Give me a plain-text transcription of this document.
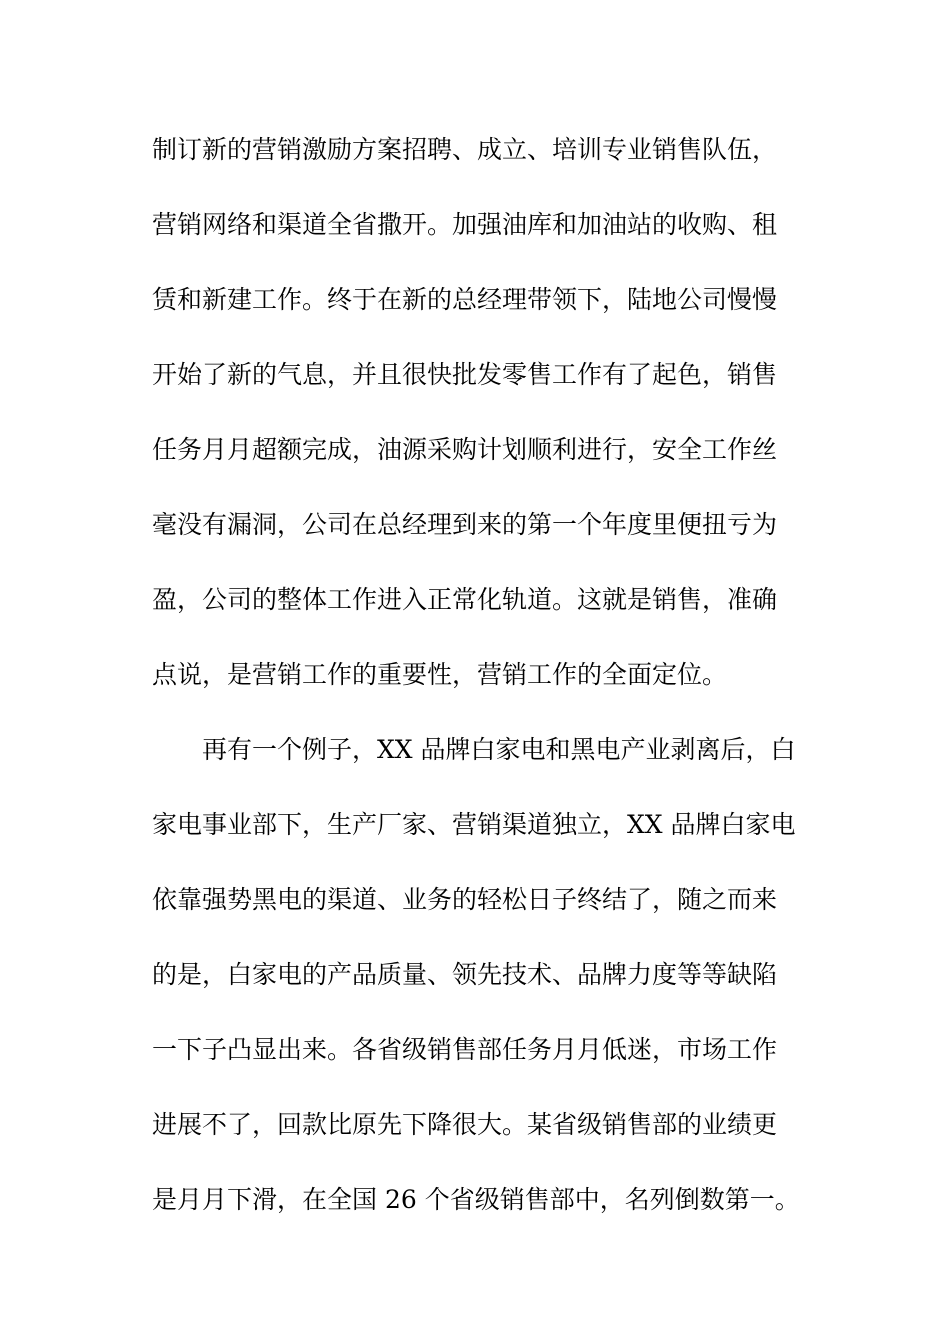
制订新的营销激励方案招聘、成立、培训专业销售队伍，
营销网络和渠道全省撒开。加强油库和加油站的收购、租
赁和新建工作。终于在新的总经理带领下，陆地公司慢慢
开始了新的气息，并且很快批发零售工作有了起色，销售
任务月月超额完成，油源采购计划顺利进行，安全工作丝
毫没有漏洞，公司在总经理到来的第一个年度里便扭亏为
盈，公司的整体工作进入正常化轨道。这就是销售，准确
点说，是营销工作的重要性，营销工作的全面定位。
再有一个例子，XX 品牌白家电和黑电产业剥离后，白
家电事业部下，生产厂家、营销渠道独立，XX 品牌白家电
依靠强势黑电的渠道、业务的轻松日子终结了，随之而来
的是，白家电的产品质量、领先技术、品牌力度等等缺陷
一下子凸显出来。各省级销售部任务月月低迷，市场工作
进展不了，回款比原先下降很大。某省级销售部的业绩更
是月月下滑，在全国 26 个省级销售部中，名列倒数第一。
